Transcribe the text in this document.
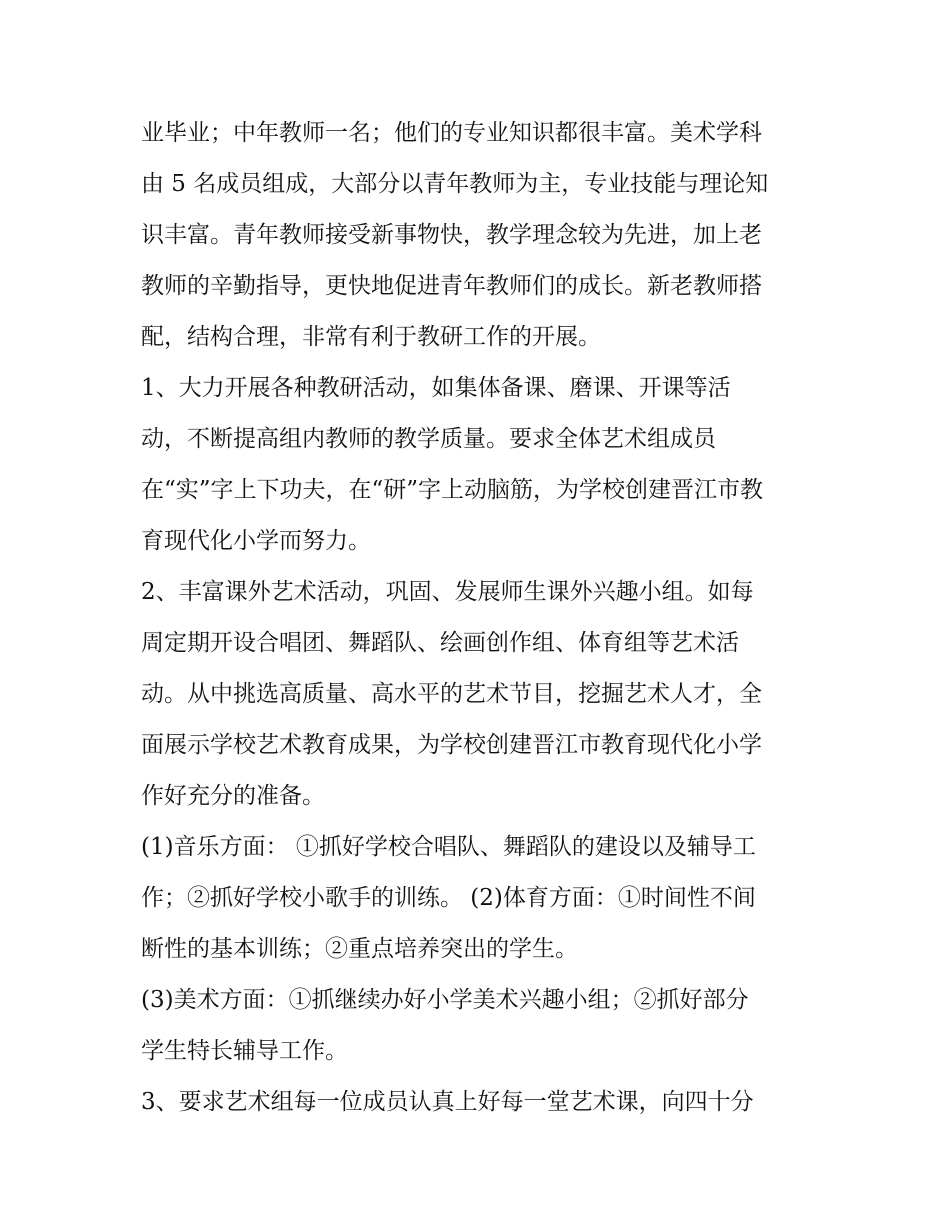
业毕业；中年教师一名；他们的专业知识都很丰富。美术学科
由 5 名成员组成，大部分以青年教师为主，专业技能与理论知
识丰富。青年教师接受新事物快，教学理念较为先进，加上老
教师的辛勤指导，更快地促进青年教师们的成长。新老教师搭
配，结构合理，非常有利于教研工作的开展。
1、大力开展各种教研活动，如集体备课、磨课、开课等活
动，不断提高组内教师的教学质量。要求全体艺术组成员
在“实”字上下功夫，在“研”字上动脑筋，为学校创建晋江市教
育现代化小学而努力。
2、丰富课外艺术活动，巩固、发展师生课外兴趣小组。如每
周定期开设合唱团、舞蹈队、绘画创作组、体育组等艺术活
动。从中挑选高质量、高水平的艺术节目，挖掘艺术人才，全
面展示学校艺术教育成果，为学校创建晋江市教育现代化小学
作好充分的准备。
(1)音乐方面： ①抓好学校合唱队、舞蹈队的建设以及辅导工
作；②抓好学校小歌手的训练。 (2)体育方面：①时间性不间
断性的基本训练；②重点培养突出的学生。
(3)美术方面：①抓继续办好小学美术兴趣小组；②抓好部分
学生特长辅导工作。
3、要求艺术组每一位成员认真上好每一堂艺术课，向四十分
